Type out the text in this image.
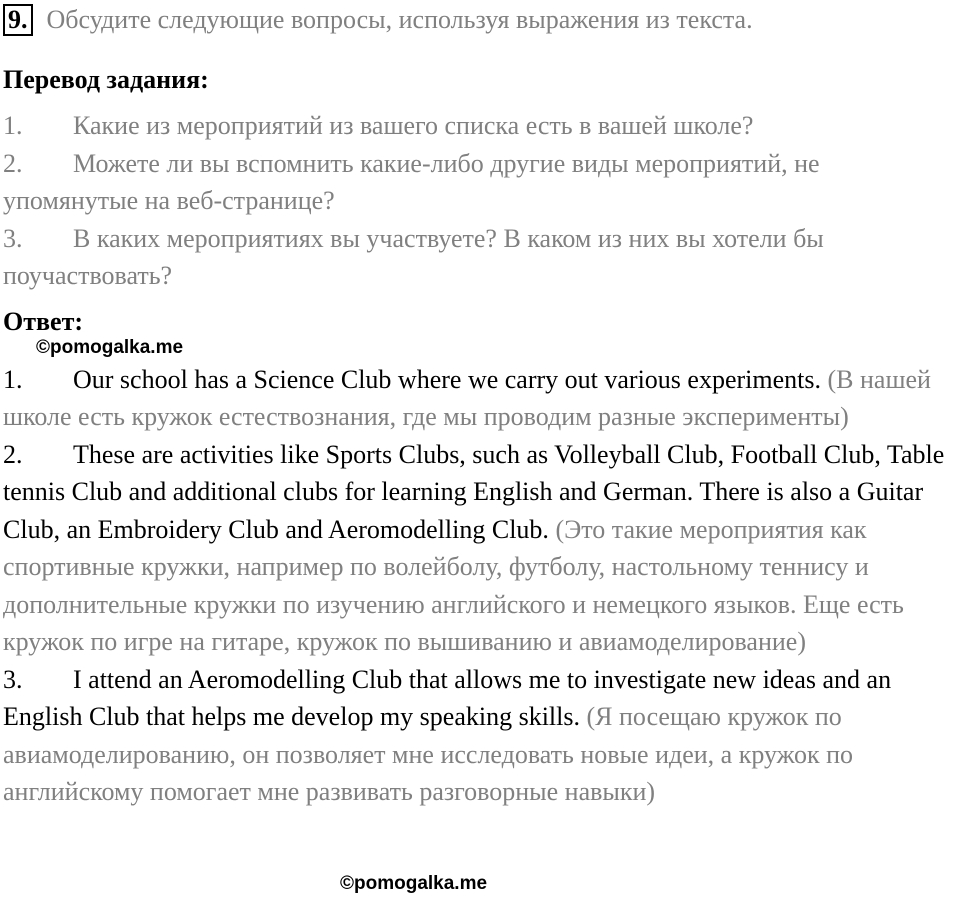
9. Обсудите следующие вопросы, используя выражения из текста.
Перевод задания:

1. Какие из мероприятий из вашего списка есть в вашей школе?

2. Можете ли вы вспомнить какие-либо другие виды мероприятий, не упомянутые на веб-странице?

3. В каких мероприятиях вы участвуете? В каком из них вы хотели бы поучаствовать?

Ответ:
©pomogalka.me

1. Our school has a Science Club where we carry out various experiments. (В нашей школе есть кружок естествознания, где мы проводим разные эксперименты)

2. These are activities like Sports Clubs, such as Volleyball Club, Football Club, Table tennis Club and additional clubs for learning English and German. There is also a Guitar Club, an Embroidery Club and Aeromodelling Club. (Это такие мероприятия как спортивные кружки, например по волейболу, футболу, настольному теннису и дополнительные кружки по изучению английского и немецкого языков. Еще есть кружок по игре на гитаре, кружок по вышиванию и авиамоделирование)

3. I attend an Aeromodelling Club that allows me to investigate new ideas and an English Club that helps me develop my speaking skills. (Я посещаю кружок по авиамоделированию, он позволяет мне исследовать новые идеи, а кружок по английскому помогает мне развивать разговорные навыки)

©pomogalka.me
